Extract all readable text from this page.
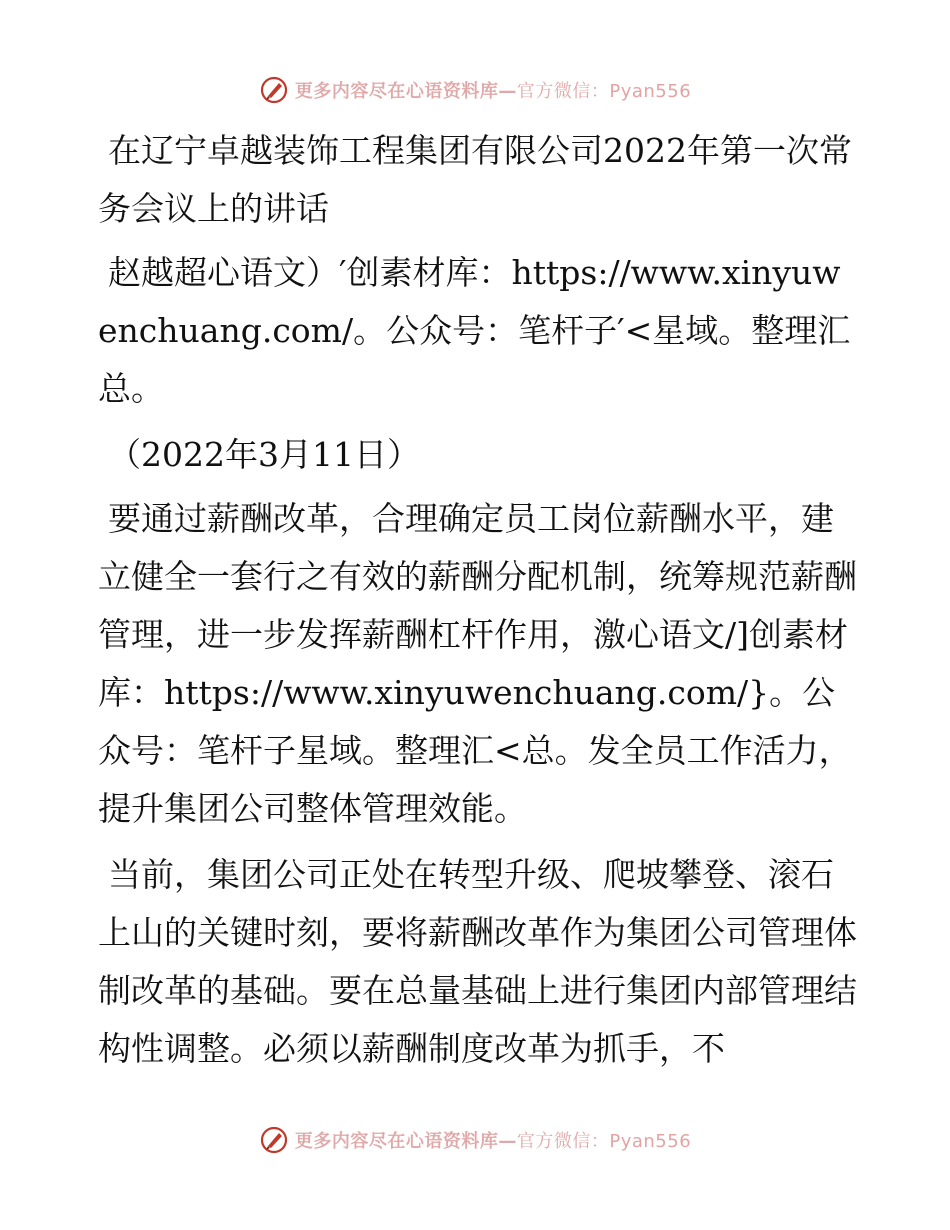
更多内容尽在心语资料库—官方微信：Pyan556

在辽宁卓越装饰工程集团有限公司2022年第一次常务会议上的讲话

赵越超心语文）′创素材库：https://www.xinyuwenchuang.com/。公众号：笔杆子′<星域。整理汇总。

（2022年3月11日）

要通过薪酬改革，合理确定员工岗位薪酬水平，建立健全一套行之有效的薪酬分配机制，统筹规范薪酬管理，进一步发挥薪酬杠杆作用，激心语文/]创素材库：https://www.xinyuwenchuang.com/}。公众号：笔杆子星域。整理汇<总。发全员工作活力，提升集团公司整体管理效能。

当前，集团公司正处在转型升级、爬坡攀登、滚石上山的关键时刻，要将薪酬改革作为集团公司管理体制改革的基础。要在总量基础上进行集团内部管理结构性调整。必须以薪酬制度改革为抓手，不

更多内容尽在心语资料库—官方微信：Pyan556
